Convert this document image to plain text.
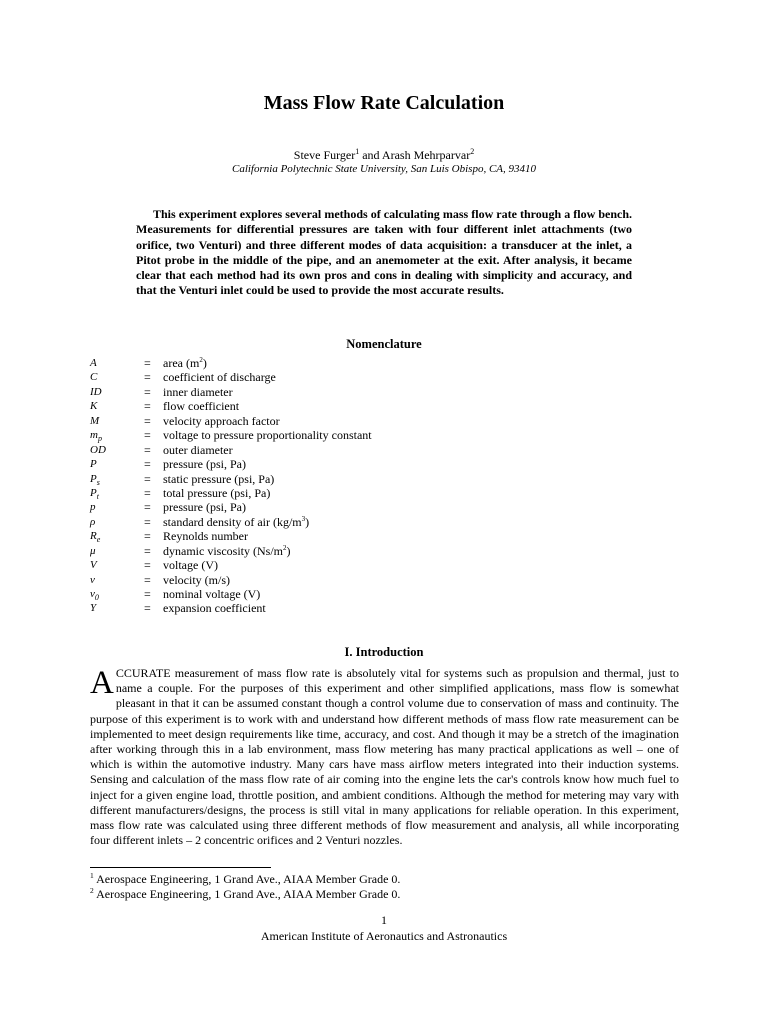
Mass Flow Rate Calculation
Steve Furger$^1$ and Arash Mehrparvar$^2$
California Polytechnic State University, San Luis Obispo, CA, 93410

This experiment explores several methods of calculating mass flow rate through a flow bench. Measurements for differential pressures are taken with four different inlet attachments (two orifice, two Venturi) and three different modes of data acquisition: a transducer at the inlet, a Pitot probe in the middle of the pipe, and an anemometer at the exit. After analysis, it became clear that each method had its own pros and cons in dealing with simplicity and accuracy, and that the Venturi inlet could be used to provide the most accurate results.

Nomenclature
A	= area $(m^2)$
C	= coefficient of discharge
ID	= inner diameter
K	= flow coefficient
M	= velocity approach factor
$m_p$	= voltage to pressure proportionality constant
OD	= outer diameter
P	= pressure (psi, Pa)
$P_s$	= static pressure (psi, Pa)
$P_t$	= total pressure (psi, Pa)
p	= pressure (psi, Pa)
ρ	= standard density of air $(kg/m^3)$
$R_e$	= Reynolds number
μ	= dynamic viscosity $(Ns/m^2)$
V	= voltage (V)
v	= velocity (m/s)
$v_0$	= nominal voltage (V)
Y	= expansion coefficient
I. Introduction

ACCURATE measurement of mass flow rate is absolutely vital for systems such as propulsion and thermal, just to name a couple. For the purposes of this experiment and other simplified applications, mass flow is somewhat pleasant in that it can be assumed constant though a control volume due to conservation of mass and continuity. The purpose of this experiment is to work with and understand how different methods of mass flow rate measurement can be implemented to meet design requirements like time, accuracy, and cost. And though it may be a stretch of the imagination after working through this in a lab environment, mass flow metering has many practical applications as well – one of which is within the automotive industry. Many cars have mass airflow meters integrated into their induction systems. Sensing and calculation of the mass flow rate of air coming into the engine lets the car's controls know how much fuel to inject for a given engine load, throttle position, and ambient conditions. Although the method for metering may vary with different manufacturers/designs, the process is still vital in many applications for reliable operation. In this experiment, mass flow rate was calculated using three different methods of flow measurement and analysis, all while incorporating four different inlets – 2 concentric orifices and 2 Venturi nozzles.

$^1$ Aerospace Engineering, 1 Grand Ave., AIAA Member Grade 0.
$^2$ Aerospace Engineering, 1 Grand Ave., AIAA Member Grade 0.
1
American Institute of Aeronautics and Astronautics
